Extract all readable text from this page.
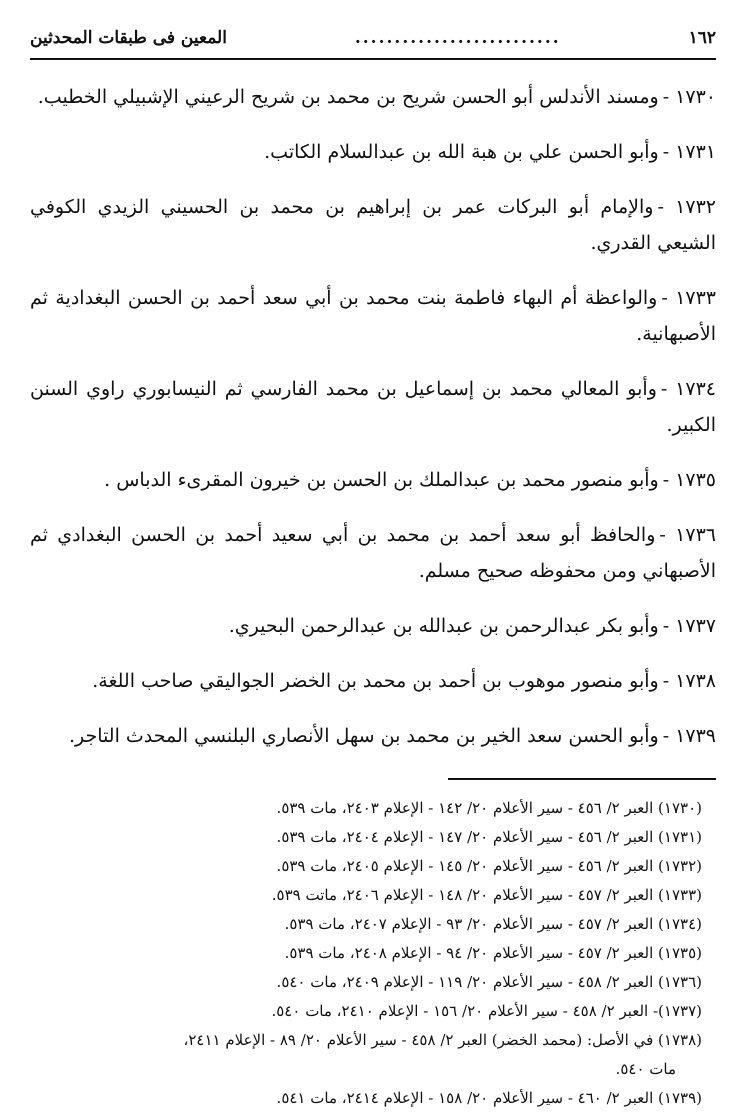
١٦٢
..........................
المعين فى طبقات المحدثين

١٧٣٠ -ومسند الأندلس أبو الحسن شريح بن محمد بن شريح الرعيني الإشبيلي الخطيب.

١٧٣١ -وأبو الحسن علي بن هبة الله بن عبدالسلام الكاتب.

١٧٣٢ -والإمام أبو البركات عمر بن إبراهيم بن محمد بن الحسيني الزيدي الكوفي الشيعي القدري.

١٧٣٣ -والواعظة أم البهاء فاطمة بنت محمد بن أبي سعد أحمد بن الحسن البغدادية ثم الأصبهانية.

١٧٣٤ -وأبو المعالي محمد بن إسماعيل بن محمد الفارسي ثم النيسابوري راوي السنن الكبير.

١٧٣٥ -وأبو منصور محمد بن عبدالملك بن الحسن بن خيرون المقرىء الدباس .

١٧٣٦ -والحافظ أبو سعد أحمد بن محمد بن أبي سعيد أحمد بن الحسن البغدادي ثم الأصبهاني ومن محفوظه صحيح مسلم.

١٧٣٧ -وأبو بكر عبدالرحمن بن عبدالله بن عبدالرحمن البحيري.

١٧٣٨ -وأبو منصور موهوب بن أحمد بن محمد بن الخضر الجواليقي صاحب اللغة.

١٧٣٩ -وأبو الحسن سعد الخير بن محمد بن سهل الأنصاري البلنسي المحدث التاجر.

(١٧٣٠) العبر ٢/ ٤٥٦ - سير الأعلام ٢٠/ ١٤٢ - الإعلام ٢٤٠٣، مات ٥٣٩.

(١٧٣١) العبر ٢/ ٤٥٦ - سير الأعلام ٢٠/ ١٤٧ - الإعلام ٢٤٠٤، مات ٥٣٩.

(١٧٣٢) العبر ٢/ ٤٥٦ - سير الأعلام ٢٠/ ١٤٥ - الإعلام ٢٤٠٥، مات ٥٣٩.

(١٧٣٣) العبر ٢/ ٤٥٧ - سير الأعلام ٢٠/ ١٤٨ - الإعلام ٢٤٠٦، ماتت ٥٣٩.

(١٧٣٤) العبر ٢/ ٤٥٧ - سير الأعلام ٢٠/ ٩٣ - الإعلام ٢٤٠٧، مات ٥٣٩.

(١٧٣٥) العبر ٢/ ٤٥٧ - سير الأعلام ٢٠/ ٩٤ - الإعلام ٢٤٠٨، مات ٥٣٩.

(١٧٣٦) العبر ٢/ ٤٥٨ - سير الأعلام ٢٠/ ١١٩ - الإعلام ٢٤٠٩، مات ٥٤٠.

(١٧٣٧)- العبر ٢/ ٤٥٨ - سير الأعلام ٢٠/ ١٥٦ - الإعلام ٢٤١٠، مات ٥٤٠.

(١٧٣٨) في الأصل: (محمد الخضر) العبر ٢/ ٤٥٨ - سير الأعلام ٢٠/ ٨٩ - الإعلام ٢٤١١،

مات ٥٤٠.

(١٧٣٩) العبر ٢/ ٤٦٠ - سير الأعلام ٢٠/ ١٥٨ - الإعلام ٢٤١٤، مات ٥٤١.
